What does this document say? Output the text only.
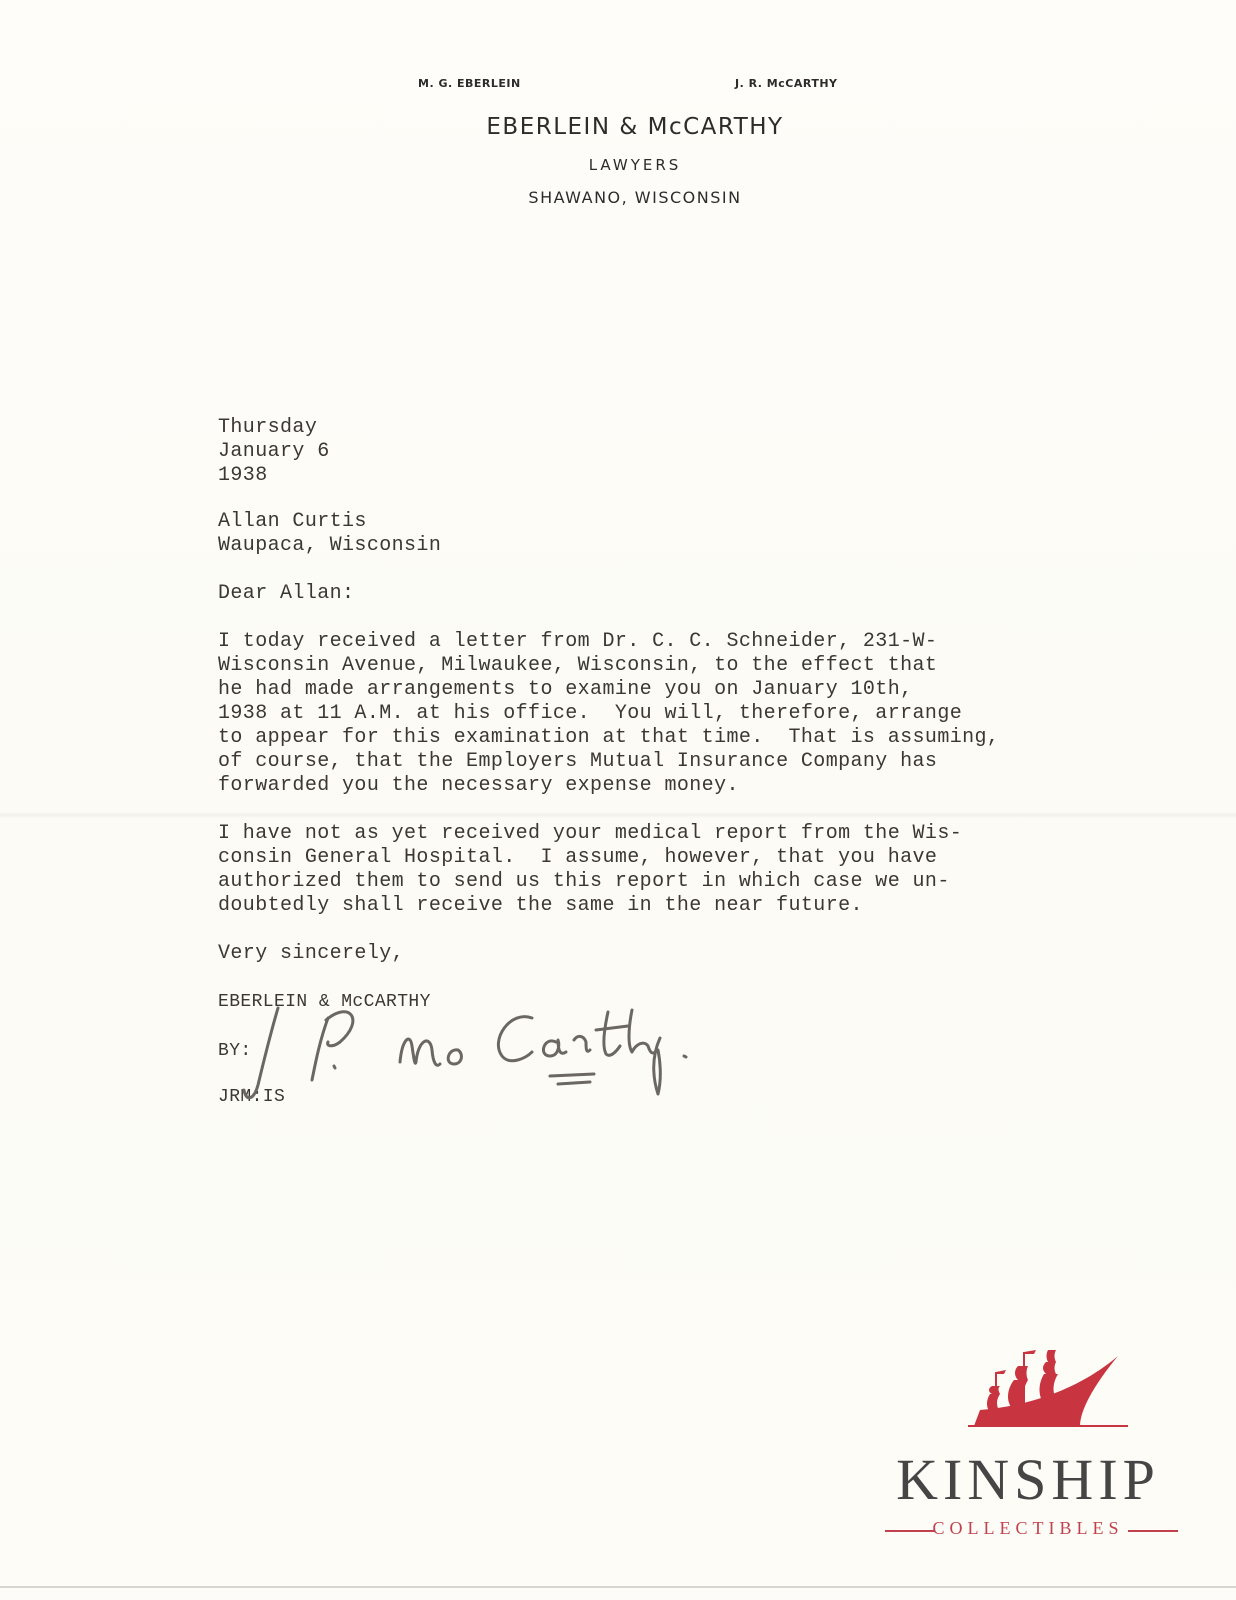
M. G. EBERLEIN	J. R. McCARTHY
EBERLEIN & McCARTHY
LAWYERS
SHAWANO, WISCONSIN
Thursday
January 6
1938
Allan Curtis
Waupaca, Wisconsin
Dear Allan:
I today received a letter from Dr. C. C. Schneider, 231-W-
Wisconsin Avenue, Milwaukee, Wisconsin, to the effect that
he had made arrangements to examine you on January 10th,
1938 at 11 A.M. at his office.  You will, therefore, arrange
to appear for this examination at that time.  That is assuming,
of course, that the Employers Mutual Insurance Company has
forwarded you the necessary expense money.
I have not as yet received your medical report from the Wis-
consin General Hospital.  I assume, however, that you have
authorized them to send us this report in which case we un-
doubtedly shall receive the same in the near future.
Very sincerely,
EBERLEIN & McCARTHY
BY:
JRM:IS
KINSHIP
COLLECTIBLES
